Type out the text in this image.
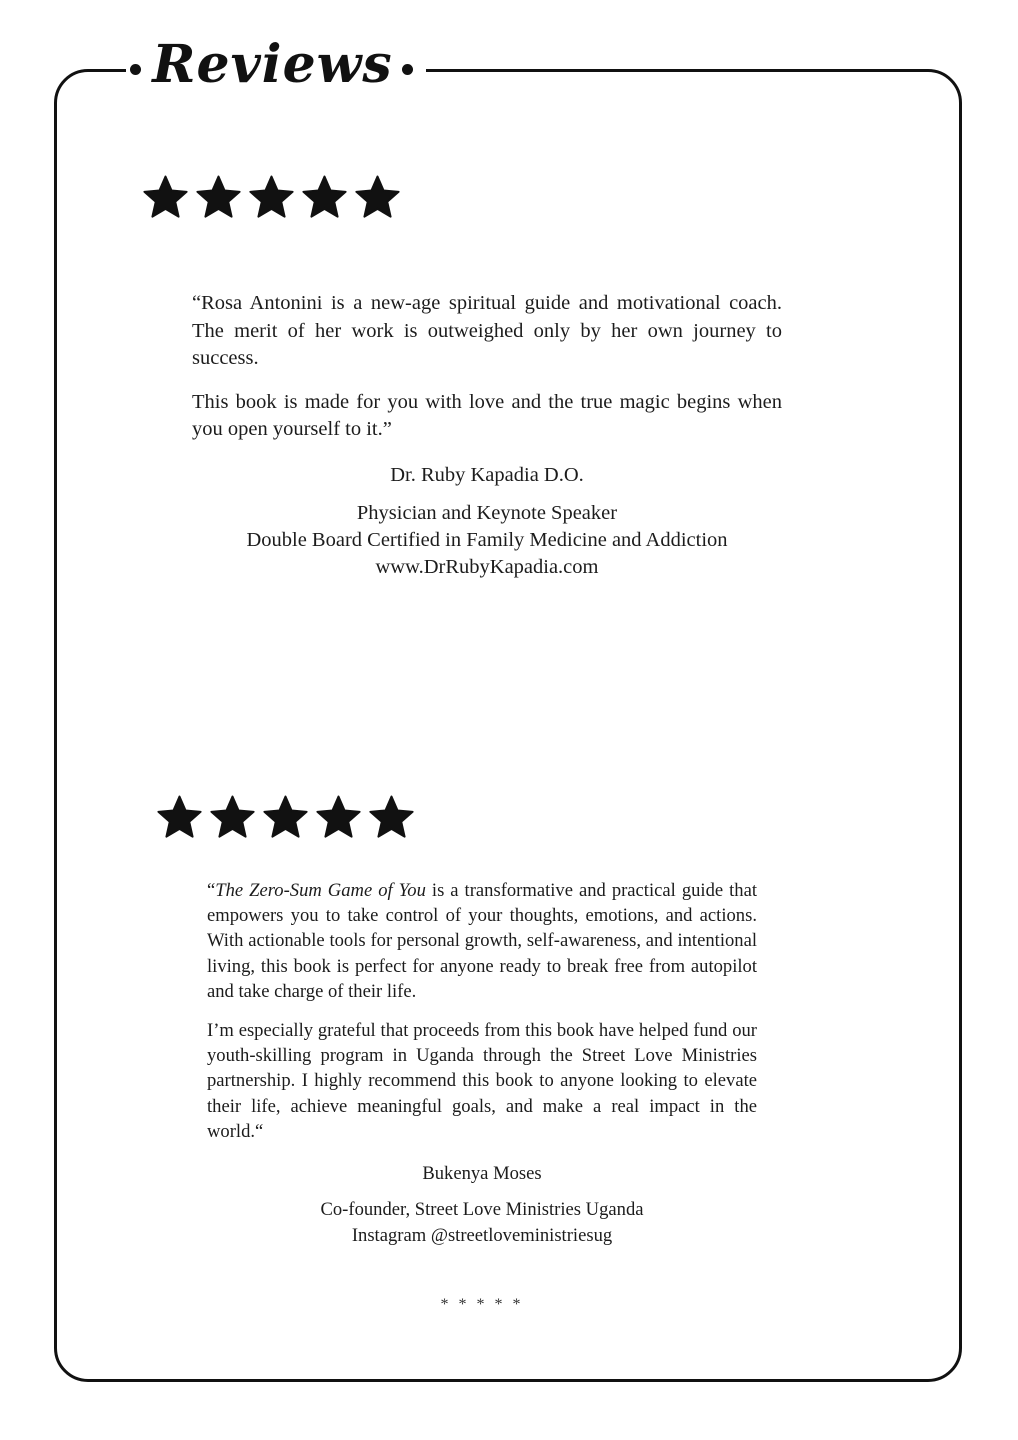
Reviews

“Rosa Antonini is a new-age spiritual guide and motivational coach. The merit of her work is outweighed only by her own journey to success.

This book is made for you with love and the true magic begins when you open yourself to it.”

Dr. Ruby Kapadia D.O.
Physician and Keynote Speaker
Double Board Certified in Family Medicine and Addiction
www.DrRubyKapadia.com

“The Zero-Sum Game of You is a transformative and practical guide that empowers you to take control of your thoughts, emotions, and actions. With actionable tools for personal growth, self-awareness, and intentional living, this book is perfect for anyone ready to break free from autopilot and take charge of their life.

I’m especially grateful that proceeds from this book have helped fund our youth-skilling program in Uganda through the Street Love Ministries partnership. I highly recommend this book to anyone looking to elevate their life, achieve meaningful goals, and make a real impact in the world.“

Bukenya Moses
Co-founder, Street Love Ministries Uganda
Instagram @streetloveministriesug
* * * * *
